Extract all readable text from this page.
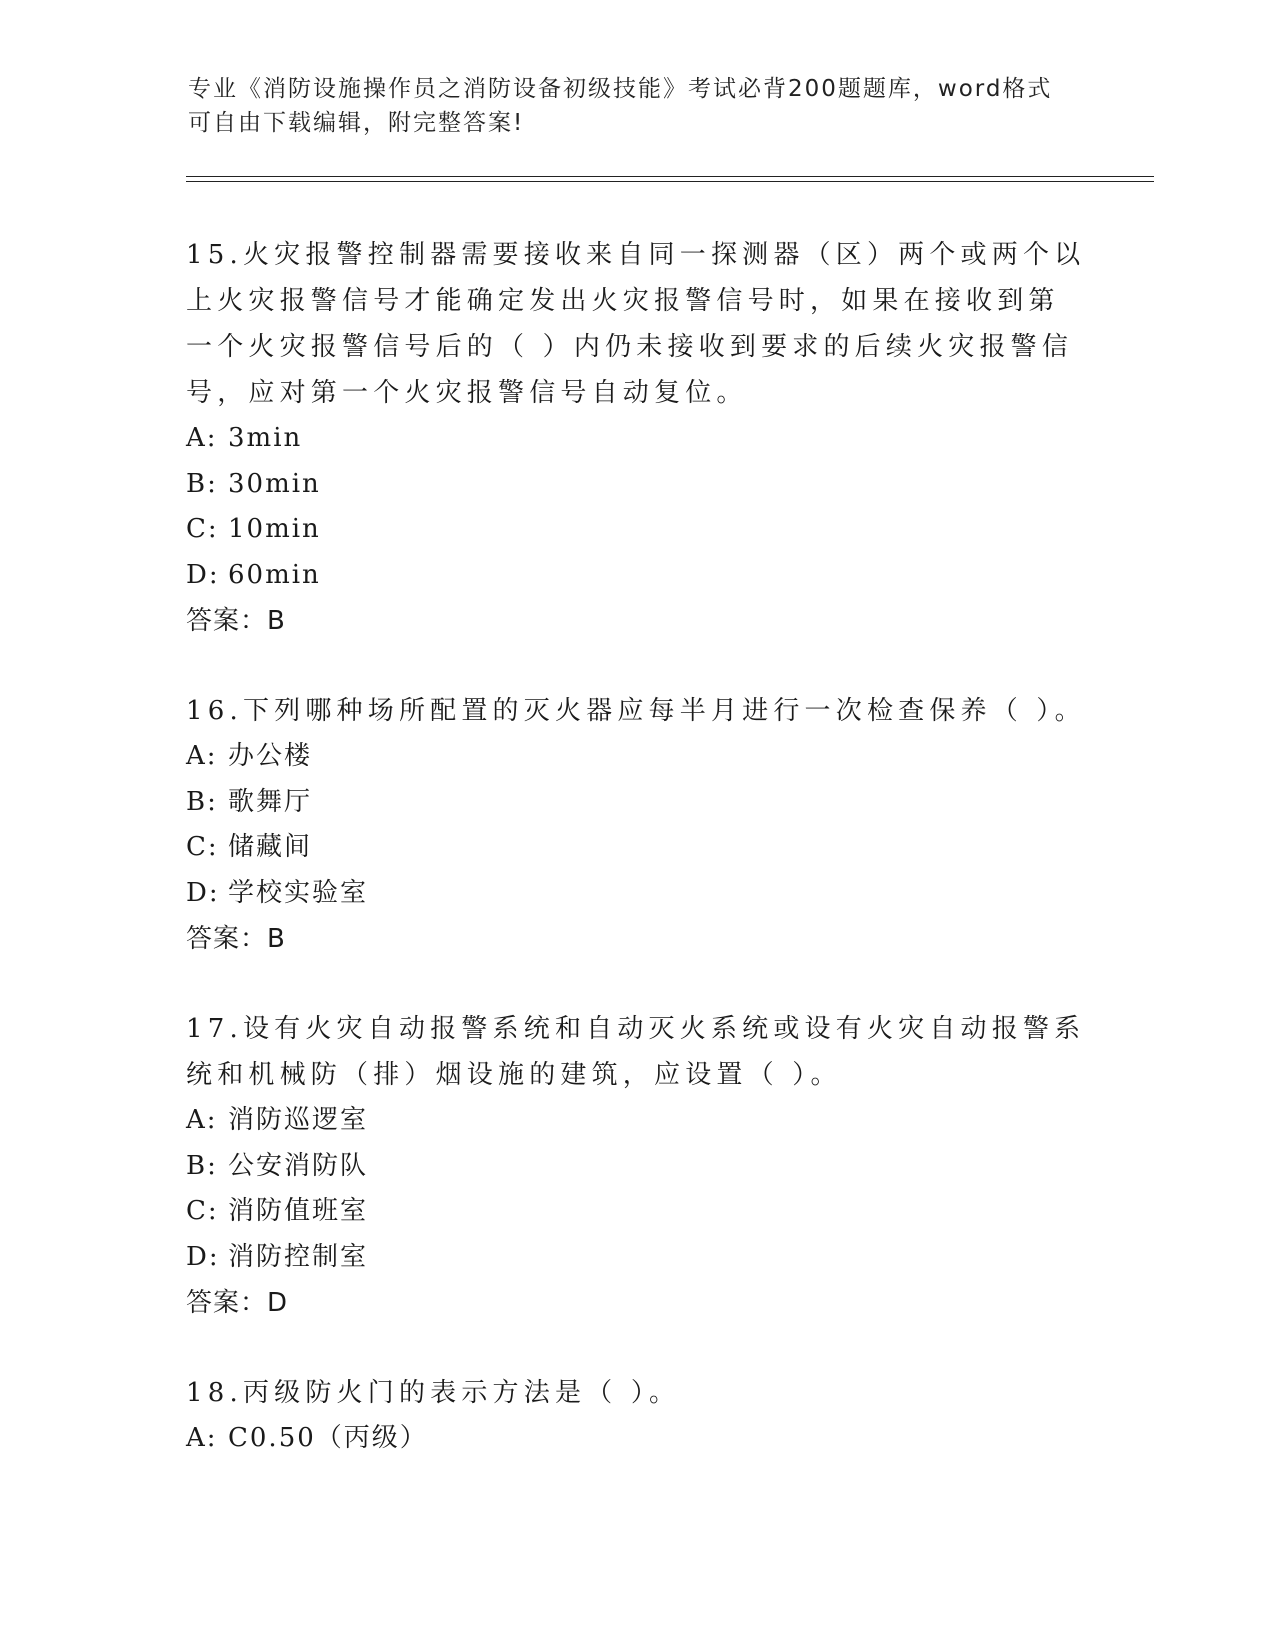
专业《消防设施操作员之消防设备初级技能》考试必背200题题库，word格式可自由下载编辑，附完整答案!

15.火灾报警控制器需要接收来自同一探测器（区）两个或两个以上火灾报警信号才能确定发出火灾报警信号时，如果在接收到第一个火灾报警信号后的（ ）内仍未接收到要求的后续火灾报警信号，应对第一个火灾报警信号自动复位。

A: 3min

B: 30min

C: 10min

D: 60min

答案：B

16.下列哪种场所配置的灭火器应每半月进行一次检查保养（ ）。

A: 办公楼

B: 歌舞厅

C: 储藏间

D: 学校实验室

答案：B

17.设有火灾自动报警系统和自动灭火系统或设有火灾自动报警系统和机械防（排）烟设施的建筑，应设置（ ）。

A: 消防巡逻室

B: 公安消防队

C: 消防值班室

D: 消防控制室

答案：D

18.丙级防火门的表示方法是（ ）。

A: C0.50（丙级）
